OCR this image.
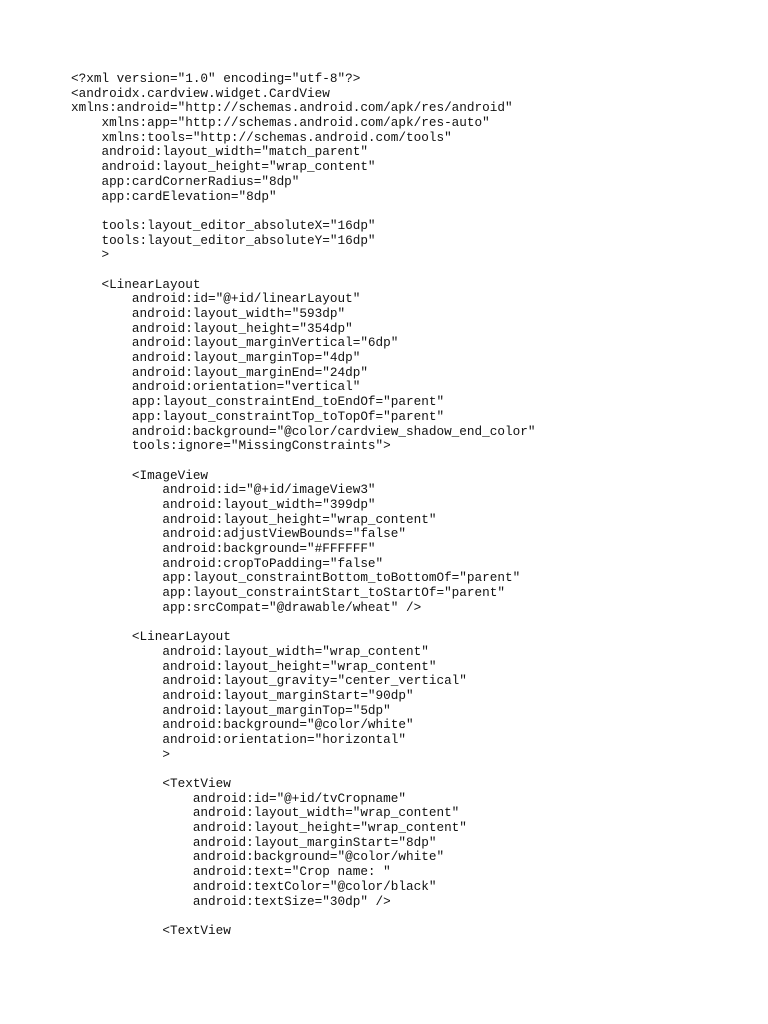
<?xml version="1.0" encoding="utf-8"?>
<androidx.cardview.widget.CardView
xmlns:android="http://schemas.android.com/apk/res/android"
xmlns:app="http://schemas.android.com/apk/res-auto"
xmlns:tools="http://schemas.android.com/tools"
android:layout_width="match_parent"
android:layout_height="wrap_content"
app:cardCornerRadius="8dp"
app:cardElevation="8dp"
tools:layout_editor_absoluteX="16dp"
tools:layout_editor_absoluteY="16dp"
>
<LinearLayout
android:id="@+id/linearLayout"
android:layout_width="593dp"
android:layout_height="354dp"
android:layout_marginVertical="6dp"
android:layout_marginTop="4dp"
android:layout_marginEnd="24dp"
android:orientation="vertical"
app:layout_constraintEnd_toEndOf="parent"
app:layout_constraintTop_toTopOf="parent"
android:background="@color/cardview_shadow_end_color"
tools:ignore="MissingConstraints">
<ImageView
android:id="@+id/imageView3"
android:layout_width="399dp"
android:layout_height="wrap_content"
android:adjustViewBounds="false"
android:background="#FFFFFF"
android:cropToPadding="false"
app:layout_constraintBottom_toBottomOf="parent"
app:layout_constraintStart_toStartOf="parent"
app:srcCompat="@drawable/wheat" />
<LinearLayout
android:layout_width="wrap_content"
android:layout_height="wrap_content"
android:layout_gravity="center_vertical"
android:layout_marginStart="90dp"
android:layout_marginTop="5dp"
android:background="@color/white"
android:orientation="horizontal"
>
<TextView
android:id="@+id/tvCropname"
android:layout_width="wrap_content"
android:layout_height="wrap_content"
android:layout_marginStart="8dp"
android:background="@color/white"
android:text="Crop name: "
android:textColor="@color/black"
android:textSize="30dp" />
<TextView
